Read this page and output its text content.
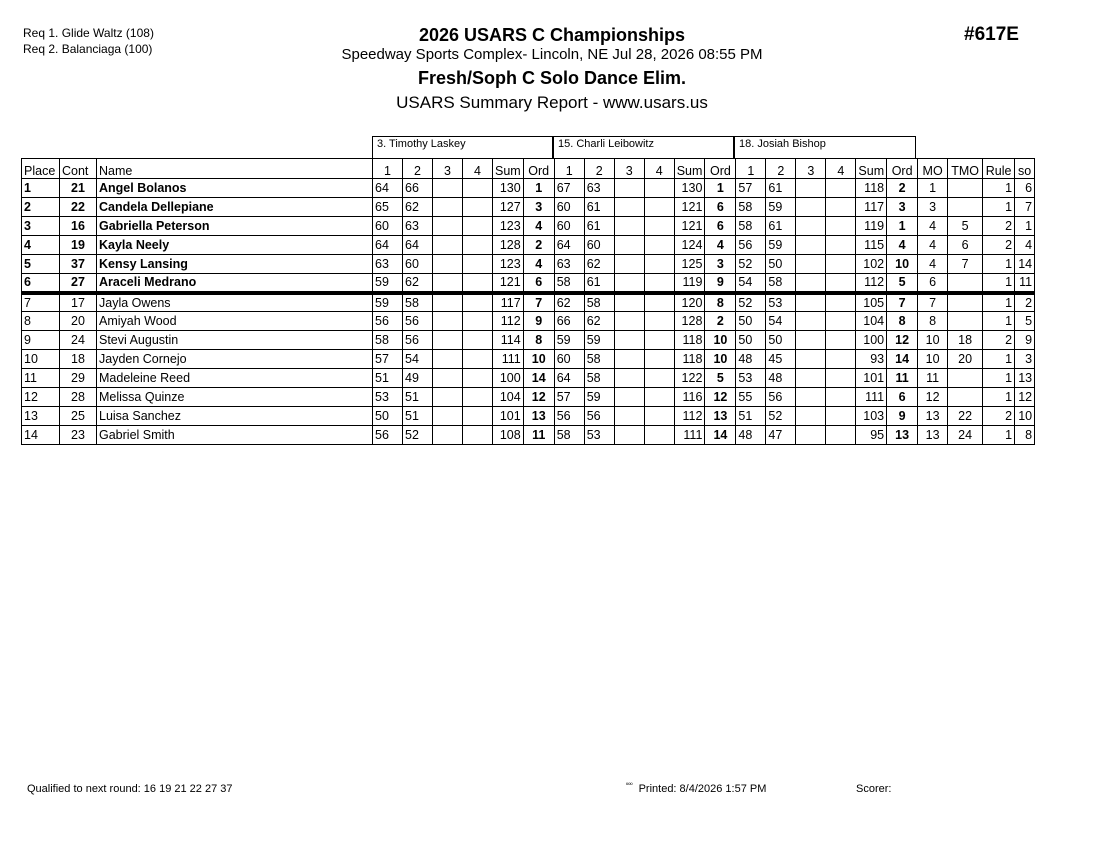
Req 1. Glide Waltz (108)
Req 2. Balanciaga (100)
2026 USARS C Championships
Speedway Sports Complex- Lincoln, NE Jul 28, 2026 08:55 PM
Fresh/Soph C Solo Dance Elim.
USARS Summary Report - www.usars.us
#617E
3. Timothy Laskey	15. Charli Leibowitz	18. Josiah Bishop
Place	Cont	Name	1	2	3	4	Sum	Ord	1	2	3	4	Sum	Ord	1	2	3	4	Sum	Ord	MO	TMO	Rule	so
1	21	Angel Bolanos	64	66			130	1	67	63			130	1	57	61			118	2	1		1	6
2	22	Candela Dellepiane	65	62			127	3	60	61			121	6	58	59			117	3	3		1	7
3	16	Gabriella Peterson	60	63			123	4	60	61			121	6	58	61			119	1	4	5	2	1
4	19	Kayla Neely	64	64			128	2	64	60			124	4	56	59			115	4	4	6	2	4
5	37	Kensy Lansing	63	60			123	4	63	62			125	3	52	50			102	10	4	7	1	14
6	27	Araceli Medrano	59	62			121	6	58	61			119	9	54	58			112	5	6		1	11
7	17	Jayla Owens	59	58			117	7	62	58			120	8	52	53			105	7	7		1	2
8	20	Amiyah Wood	56	56			112	9	66	62			128	2	50	54			104	8	8		1	5
9	24	Stevi Augustin	58	56			114	8	59	59			118	10	50	50			100	12	10	18	2	9
10	18	Jayden Cornejo	57	54			111	10	60	58			118	10	48	45			93	14	10	20	1	3
11	29	Madeleine Reed	51	49			100	14	64	58			122	5	53	48			101	11	11		1	13
12	28	Melissa Quinze	53	51			104	12	57	59			116	12	55	56			111	6	12		1	12
13	25	Luisa Sanchez	50	51			101	13	56	56			112	13	51	52			103	9	13	22	2	10
14	23	Gabriel Smith	56	52			108	11	58	53			111	14	48	47			95	13	13	24	1	8
Qualified to next round: 16 19 21 22 27 37	$^{ººº}$ Printed: 8/4/2026 1:57 PM	Scorer:
